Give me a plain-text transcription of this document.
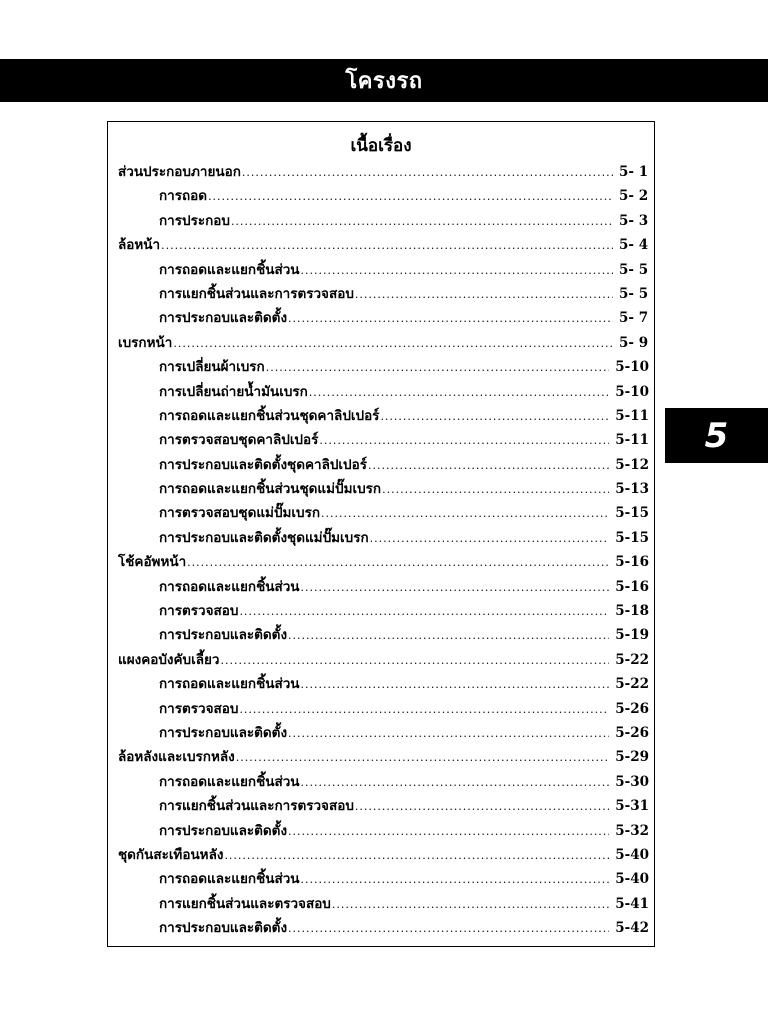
โครงรถ
เนื้อเรื่อง
ส่วนประกอบภายนอก .....	5- 1
การถอด .....	5- 2
การประกอบ .....	5- 3
ล้อหน้า .....	5- 4
การถอดและแยกชิ้นส่วน .....	5- 5
การแยกชิ้นส่วนและการตรวจสอบ .....	5- 5
การประกอบและติดตั้ง .....	5- 7
เบรกหน้า .....	5- 9
การเปลี่ยนผ้าเบรก .....	5-10
การเปลี่ยนถ่ายน้ำมันเบรก .....	5-10
การถอดและแยกชิ้นส่วนชุดคาลิปเปอร์ .....	5-11
การตรวจสอบชุดคาลิปเปอร์ .....	5-11
การประกอบและติดตั้งชุดคาลิปเปอร์ .....	5-12
การถอดและแยกชิ้นส่วนชุดแม่ปั๊มเบรก .....	5-13
การตรวจสอบชุดแม่ปั๊มเบรก .....	5-15
การประกอบและติดตั้งชุดแม่ปั๊มเบรก .....	5-15
โช้คอัพหน้า .....	5-16
การถอดและแยกชิ้นส่วน .....	5-16
การตรวจสอบ .....	5-18
การประกอบและติดตั้ง .....	5-19
แผงคอบังคับเลี้ยว .....	5-22
การถอดและแยกชิ้นส่วน .....	5-22
การตรวจสอบ .....	5-26
การประกอบและติดตั้ง .....	5-26
ล้อหลังและเบรกหลัง .....	5-29
การถอดและแยกชิ้นส่วน .....	5-30
การแยกชิ้นส่วนและการตรวจสอบ .....	5-31
การประกอบและติดตั้ง .....	5-32
ชุดกันสะเทือนหลัง .....	5-40
การถอดและแยกชิ้นส่วน .....	5-40
การแยกชิ้นส่วนและตรวจสอบ .....	5-41
การประกอบและติดตั้ง .....	5-42
5
